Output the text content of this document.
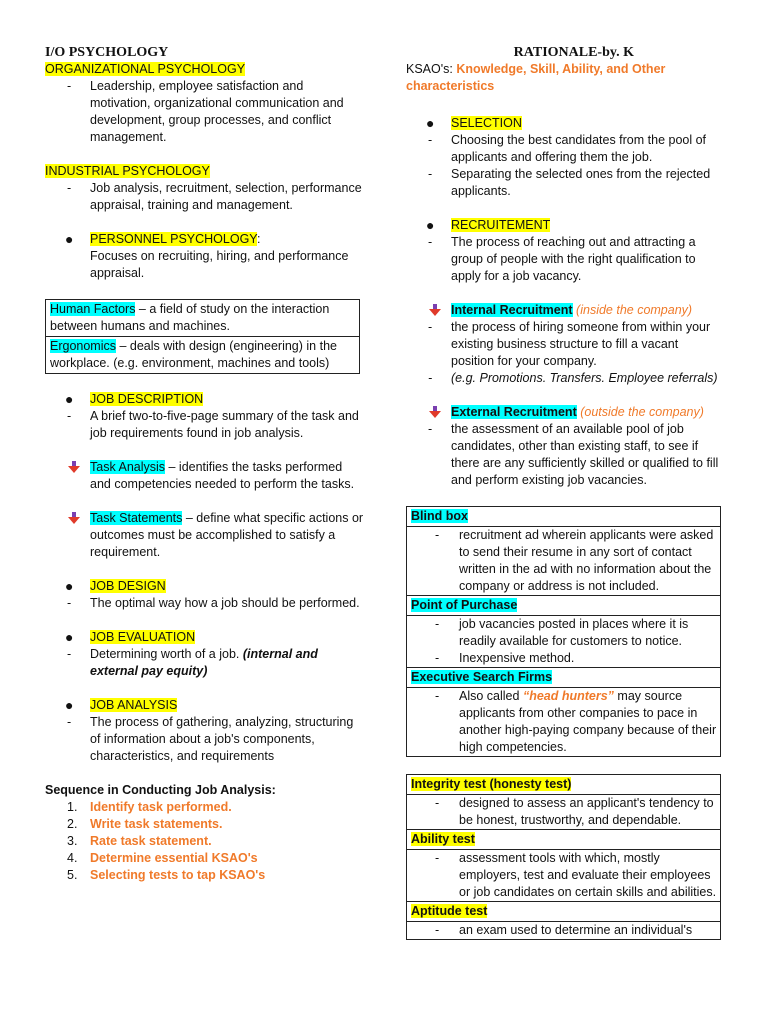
I/O PSYCHOLOGY

ORGANIZATIONAL PSYCHOLOGY

- Leadership, employee satisfaction and motivation, organizational communication and development, group processes, and conflict management.

INDUSTRIAL PSYCHOLOGY

- Job analysis, recruitment, selection, performance appraisal, training and management.
● PERSONNEL PSYCHOLOGY:

Focuses on recruiting, hiring, and performance appraisal.

Human Factors – a field of study on the interaction between humans and machines.
Ergonomics – deals with design (engineering) in the workplace. (e.g. environment, machines and tools)
● JOB DESCRIPTION
- A brief two-to-five-page summary of the task and job requirements found in job analysis.
Task Analysis – identifies the tasks performed and competencies needed to perform the tasks.
Task Statements – define what specific actions or outcomes must be accomplished to satisfy a requirement.
● JOB DESIGN
- The optimal way how a job should be performed.
● JOB EVALUATION
- Determining worth of a job. (internal and external pay equity)
● JOB ANALYSIS
- The process of gathering, analyzing, structuring of information about a job's components, characteristics, and requirements

Sequence in Conducting Job Analysis:

1. Identify task performed.
2. Write task statements.
3. Rate task statement.
4. Determine essential KSAO's
5. Selecting tests to tap KSAO's

RATIONALE-by. K

KSAO's: Knowledge, Skill, Ability, and Other characteristics

● SELECTION
- Choosing the best candidates from the pool of applicants and offering them the job.
- Separating the selected ones from the rejected applicants.
● RECRUITEMENT
- The process of reaching out and attracting a group of people with the right qualification to apply for a job vacancy.
Internal Recruitment (inside the company)
- the process of hiring someone from within your existing business structure to fill a vacant position for your company.
- (e.g. Promotions. Transfers. Employee referrals)
External Recruitment (outside the company)
- the assessment of an available pool of job candidates, other than existing staff, to see if there are any sufficiently skilled or qualified to fill and perform existing job vacancies.
Blind box
- recruitment ad wherein applicants were asked to send their resume in any sort of contact written in the ad with no information about the company or address is not included.
Point of Purchase
- job vacancies posted in places where it is readily available for customers to notice.
- Inexpensive method.
Executive Search Firms
- Also called “head hunters” may source applicants from other companies to pace in another high-paying company because of their high competencies.
Integrity test (honesty test)
- designed to assess an applicant's tendency to be honest, trustworthy, and dependable.
Ability test
- assessment tools with which, mostly employers, test and evaluate their employees or job candidates on certain skills and abilities.
Aptitude test
- an exam used to determine an individual's
